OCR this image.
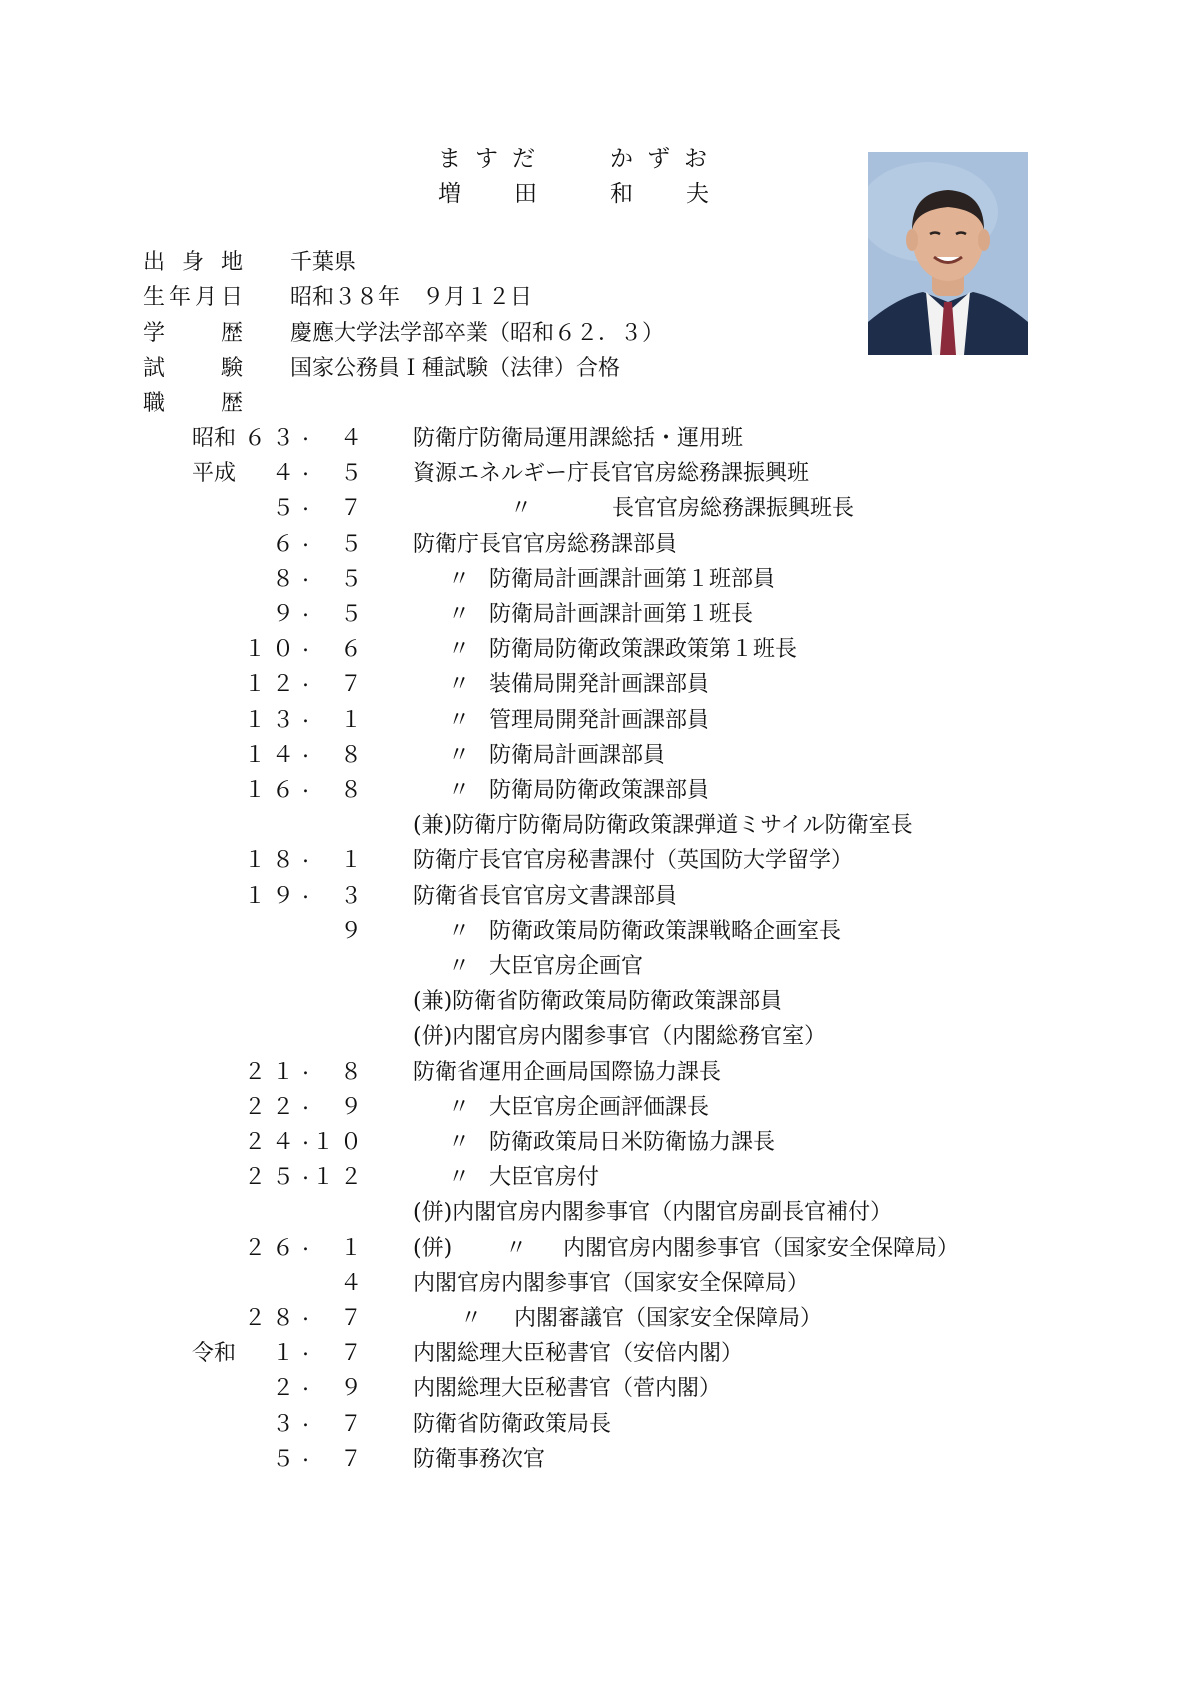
ますだ	かずお
増 田	和 夫
出 身 地 千葉県
生 年 月 日 昭和３８年　９月１２日
学	歴 慶應大学法学部卒業（昭和６２．３）
試	験 国家公務員Ｉ種試験（法律）合格
職	歴
昭和 ６３ . ４ 防衛庁防衛局運用課総括・運用班
平成 ４ . ５ 資源エネルギー庁長官官房総務課振興班
５ . ７	〃	長官官房総務課振興班長
６ . ５ 防衛庁長官官房総務課部員
８ . ５	〃 防衛局計画課計画第１班部員
９ . ５	〃 防衛局計画課計画第１班長
１０ . ６	〃 防衛局防衛政策課政策第１班長
１２ . ７	〃 装備局開発計画課部員
１３ . １	〃 管理局開発計画課部員
１４ . ８	〃 防衛局計画課部員
１６ . ８	〃 防衛局防衛政策課部員
(兼)防衛庁防衛局防衛政策課弾道ミサイル防衛室長
１８ . １ 防衛庁長官官房秘書課付（英国防大学留学）
１９ . ３ 防衛省長官官房文書課部員
９	〃 防衛政策局防衛政策課戦略企画室長
〃 大臣官房企画官
(兼)防衛省防衛政策局防衛政策課部員
(併)内閣官房内閣参事官（内閣総務官室）
２１ . ８ 防衛省運用企画局国際協力課長
２２ . ９	〃 大臣官房企画評価課長
２４ . １０	〃 防衛政策局日米防衛協力課長
２５ . １２	〃 大臣官房付
(併)内閣官房内閣参事官（内閣官房副長官補付）
２６ . １ (併) 〃 内閣官房内閣参事官（国家安全保障局）
４ 内閣官房内閣参事官（国家安全保障局）
２８ . ７	〃 内閣審議官（国家安全保障局）
令和 １ . ７ 内閣総理大臣秘書官（安倍内閣）
２ . ９ 内閣総理大臣秘書官（菅内閣）
３ . ７ 防衛省防衛政策局長
５ . ７ 防衛事務次官
